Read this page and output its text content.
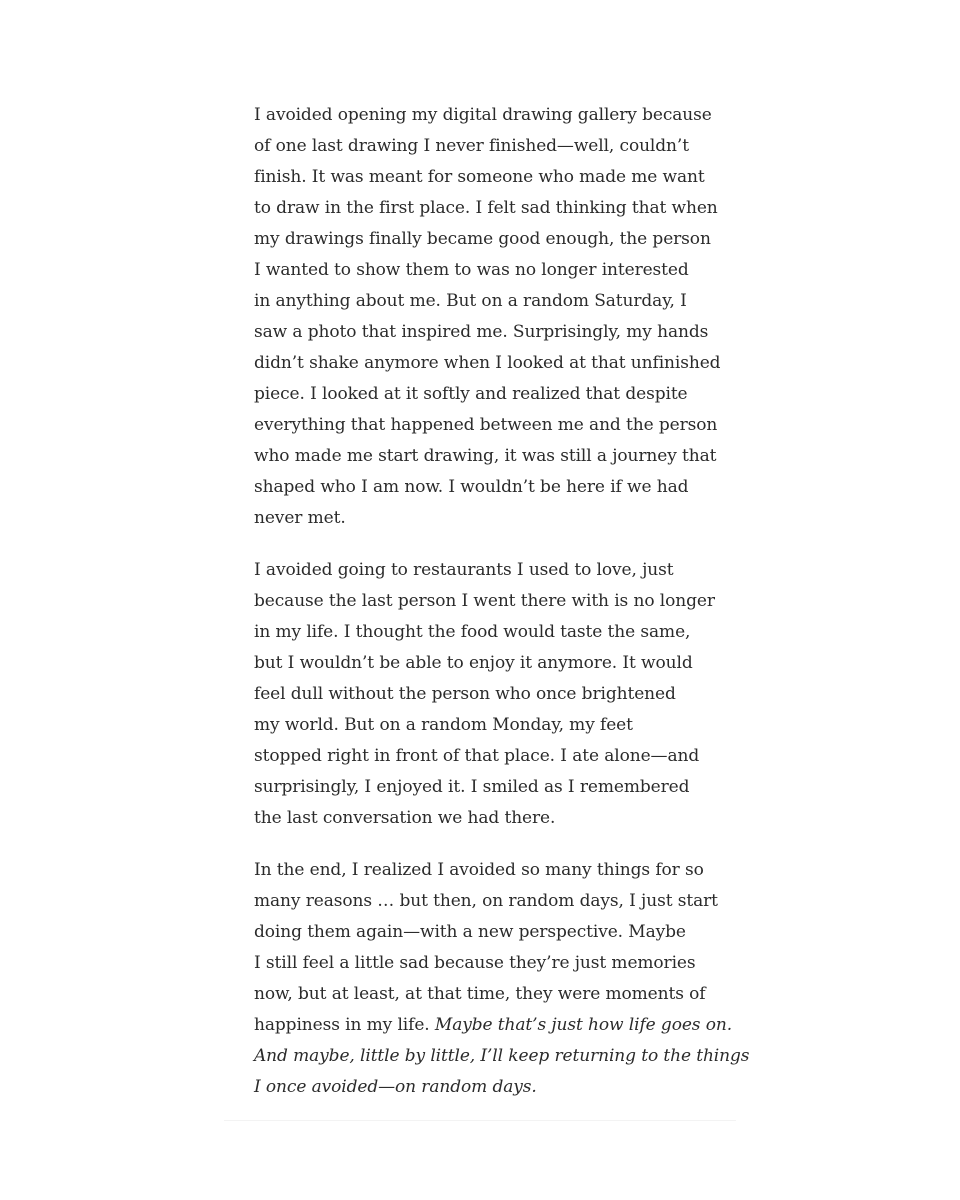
I avoided opening my digital drawing gallery because
of one last drawing I never finished—well, couldn’t
finish. It was meant for someone who made me want
to draw in the first place. I felt sad thinking that when
my drawings finally became good enough, the person
I wanted to show them to was no longer interested
in anything about me. But on a random Saturday, I
saw a photo that inspired me. Surprisingly, my hands
didn’t shake anymore when I looked at that unfinished
piece. I looked at it softly and realized that despite
everything that happened between me and the person
who made me start drawing, it was still a journey that
shaped who I am now. I wouldn’t be here if we had
never met.

I avoided going to restaurants I used to love, just
because the last person I went there with is no longer
in my life. I thought the food would taste the same,
but I wouldn’t be able to enjoy it anymore. It would
feel dull without the person who once brightened
my world. But on a random Monday, my feet
stopped right in front of that place. I ate alone—and
surprisingly, I enjoyed it. I smiled as I remembered
the last conversation we had there.

In the end, I realized I avoided so many things for so
many reasons … but then, on random days, I just start
doing them again—with a new perspective. Maybe
I still feel a little sad because they’re just memories
now, but at least, at that time, they were moments of
happiness in my life. Maybe that’s just how life goes on.
And maybe, little by little, I’ll keep returning to the things
I once avoided—on random days.
